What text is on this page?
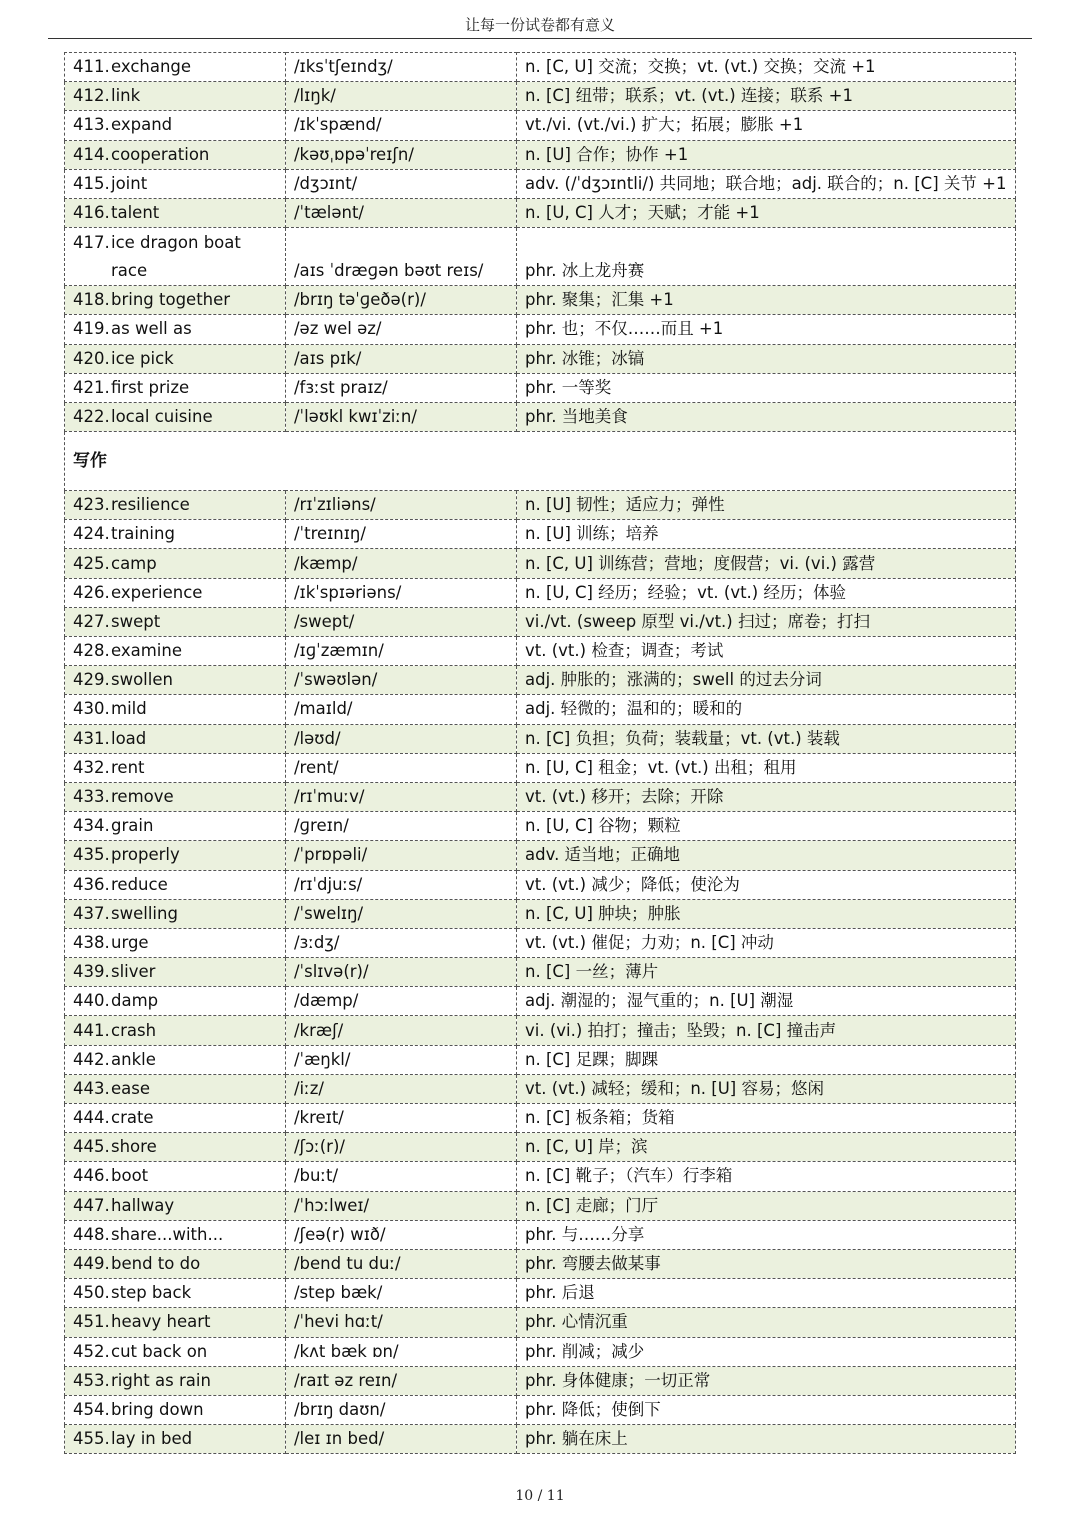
让每一份试卷都有意义
411.exchange	/ɪksˈtʃeɪndʒ/	n. [C, U] 交流；交换；vt. (vt.) 交换；交流 +1
412.link	/lɪŋk/	n. [C] 纽带；联系；vt. (vt.) 连接；联系 +1
413.expand	/ɪkˈspænd/	vt./vi. (vt./vi.) 扩大；拓展；膨胀 +1
414.cooperation	/kəʊˌɒpəˈreɪʃn/	n. [U] 合作；协作 +1
415.joint	/dʒɔɪnt/	adv. (/ˈdʒɔɪntli/) 共同地；联合地；adj. 联合的；n. [C] 关节 +1
416.talent	/ˈtælənt/	n. [U, C] 人才；天赋；才能 +1

417.ice dragon boat
race	/aɪs ˈdræɡən bəʊt reɪs/	phr. 冰上龙舟赛
418.bring together	/brɪŋ təˈɡeðə(r)/	phr. 聚集；汇集 +1
419.as well as	/əz wel əz/	phr. 也；不仅……而且 +1
420.ice pick	/aɪs pɪk/	phr. 冰锥；冰镐
421.first prize	/fɜːst praɪz/	phr. 一等奖
422.local cuisine	/ˈləʊkl kwɪˈziːn/	phr. 当地美食
写作		
423.resilience	/rɪˈzɪliəns/	n. [U] 韧性；适应力；弹性
424.training	/ˈtreɪnɪŋ/	n. [U] 训练；培养
425.camp	/kæmp/	n. [C, U] 训练营；营地；度假营；vi. (vi.) 露营
426.experience	/ɪkˈspɪəriəns/	n. [U, C] 经历；经验；vt. (vt.) 经历；体验
427.swept	/swept/	vi./vt. (sweep 原型 vi./vt.) 扫过；席卷；打扫
428.examine	/ɪɡˈzæmɪn/	vt. (vt.) 检查；调查；考试
429.swollen	/ˈswəʊlən/	adj. 肿胀的；涨满的；swell 的过去分词
430.mild	/maɪld/	adj. 轻微的；温和的；暖和的
431.load	/ləʊd/	n. [C] 负担；负荷；装载量；vt. (vt.) 装载
432.rent	/rent/	n. [U, C] 租金；vt. (vt.) 出租；租用
433.remove	/rɪˈmuːv/	vt. (vt.) 移开；去除；开除
434.grain	/ɡreɪn/	n. [U, C] 谷物；颗粒
435.properly	/ˈprɒpəli/	adv. 适当地；正确地
436.reduce	/rɪˈdjuːs/	vt. (vt.) 减少；降低；使沦为
437.swelling	/ˈswelɪŋ/	n. [C, U] 肿块；肿胀
438.urge	/ɜːdʒ/	vt. (vt.) 催促；力劝；n. [C] 冲动
439.sliver	/ˈslɪvə(r)/	n. [C] 一丝；薄片
440.damp	/dæmp/	adj. 潮湿的；湿气重的；n. [U] 潮湿
441.crash	/kræʃ/	vi. (vi.) 拍打；撞击；坠毁；n. [C] 撞击声
442.ankle	/ˈæŋkl/	n. [C] 足踝；脚踝
443.ease	/iːz/	vt. (vt.) 减轻；缓和；n. [U] 容易；悠闲
444.crate	/kreɪt/	n. [C] 板条箱；货箱
445.shore	/ʃɔː(r)/	n. [C, U] 岸；滨
446.boot	/buːt/	n. [C] 靴子；（汽车）行李箱
447.hallway	/ˈhɔːlweɪ/	n. [C] 走廊；门厅
448.share...with...	/ʃeə(r) wɪð/	phr. 与……分享
449.bend to do	/bend tu duː/	phr. 弯腰去做某事
450.step back	/step bæk/	phr. 后退
451.heavy heart	/ˈhevi hɑːt/	phr. 心情沉重
452.cut back on	/kʌt bæk ɒn/	phr. 削减；减少
453.right as rain	/raɪt əz reɪn/	phr. 身体健康；一切正常
454.bring down	/brɪŋ daʊn/	phr. 降低；使倒下
455.lay in bed	/leɪ ɪn bed/	phr. 躺在床上
10 / 11
